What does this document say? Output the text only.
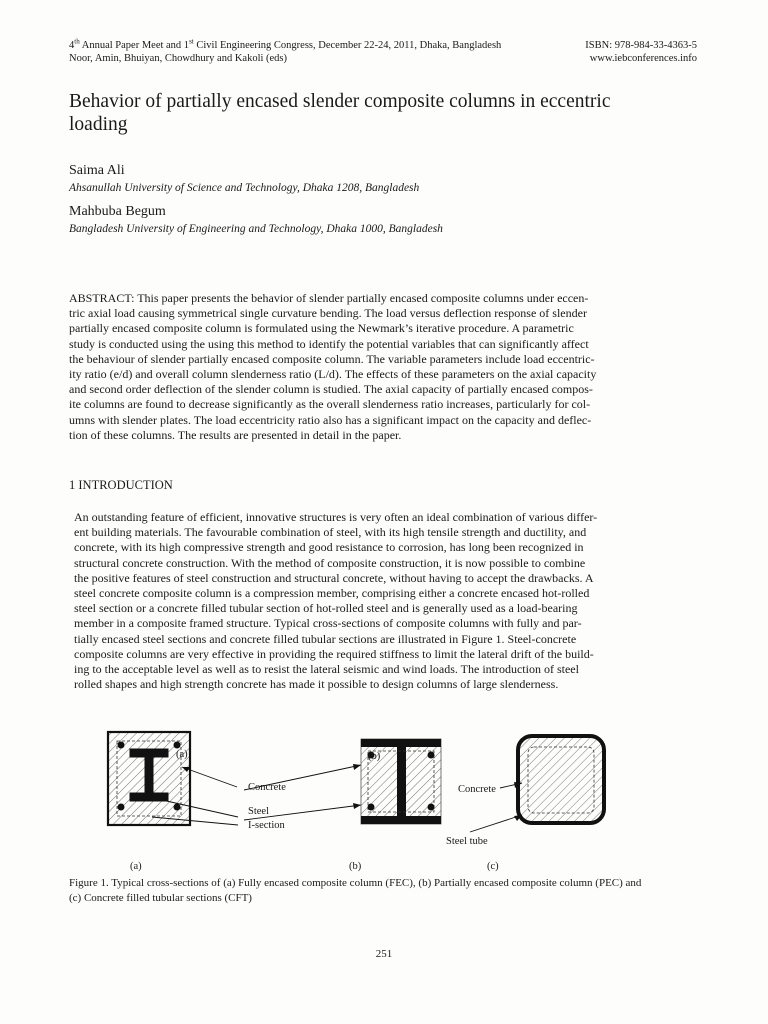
4th Annual Paper Meet and 1st Civil Engineering Congress, December 22-24, 2011, Dhaka, Bangladesh	ISBN: 978-984-33-4363-5
Noor, Amin, Bhuiyan, Chowdhury and Kakoli (eds)	www.iebconferences.info
Behavior of partially encased slender composite columns in eccentric
loading
Saima Ali
Ahsanullah University of Science and Technology, Dhaka 1208, Bangladesh
Mahbuba Begum
Bangladesh University of Engineering and Technology, Dhaka 1000, Bangladesh
ABSTRACT: This paper presents the behavior of slender partially encased composite columns under eccen-
tric axial load causing symmetrical single curvature bending. The load versus deflection response of slender
partially encased composite column is formulated using the Newmark’s iterative procedure. A parametric
study is conducted using the using this method to identify the potential variables that can significantly affect
the behaviour of slender partially encased composite column. The variable parameters include load eccentric-
ity ratio (e/d) and overall column slenderness ratio (L/d). The effects of these parameters on the axial capacity
and second order deflection of the slender column is studied. The axial capacity of partially encased compos-
ite columns are found to decrease significantly as the overall slenderness ratio increases, particularly for col-
umns with slender plates. The load eccentricity ratio also has a significant impact on the capacity and deflec-
tion of these columns. The results are presented in detail in the paper.
1 INTRODUCTION
An outstanding feature of efficient, innovative structures is very often an ideal combination of various differ-
ent building materials. The favourable combination of steel, with its high tensile strength and ductility, and
concrete, with its high compressive strength and good resistance to corrosion, has long been recognized in
structural concrete construction. With the method of composite construction, it is now possible to combine
the positive features of steel construction and structural concrete, without having to accept the drawbacks. A
steel concrete composite column is a compression member, comprising either a concrete encased hot-rolled
steel section or a concrete filled tubular section of hot-rolled steel and is generally used as a load-bearing
member in a composite framed structure. Typical cross-sections of composite columns with fully and par-
tially encased steel sections and concrete filled tubular sections are illustrated in Figure 1. Steel-concrete
composite columns are very effective in providing the required stiffness to limit the lateral drift of the build-
ing to the acceptable level as well as to resist the lateral seismic and wind loads. The introduction of steel
rolled shapes and high strength concrete has made it possible to design columns of large slenderness.
(a)
Concrete
Steel
I-section
(b)
Concrete
Steel tube
(a)	(b)	(c)
Figure 1. Typical cross-sections of (a) Fully encased composite column (FEC), (b) Partially encased composite column (PEC) and
(c) Concrete filled tubular sections (CFT)
251
